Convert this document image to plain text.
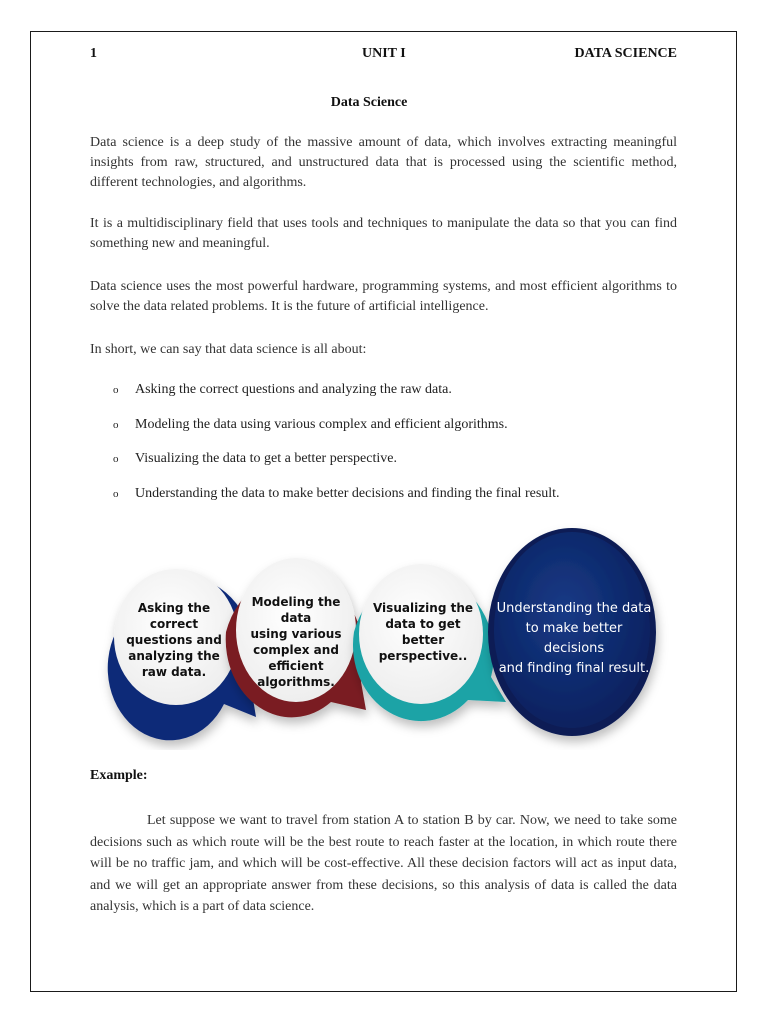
1	UNIT I	DATA SCIENCE
Data Science

Data science is a deep study of the massive amount of data, which involves extracting meaningful insights from raw, structured, and unstructured data that is processed using the scientific method, different technologies, and algorithms.

It is a multidisciplinary field that uses tools and techniques to manipulate the data so that you can find something new and meaningful.

Data science uses the most powerful hardware, programming systems, and most efficient algorithms to solve the data related problems. It is the future of artificial intelligence.

In short, we can say that data science is all about:

o Asking the correct questions and analyzing the raw data.
o Modeling the data using various complex and efficient algorithms.
o Visualizing the data to get a better perspective.
o Understanding the data to make better decisions and finding the final result.
Asking the correct
questions and
analyzing the
raw data.
Modeling the data
using various
complex and
efficient
algorithms.
Visualizing the
data to get better
perspective..
Understanding the data
to make better decisions
and finding final result.
Example:

Let suppose we want to travel from station A to station B by car. Now, we need to take some decisions such as which route will be the best route to reach faster at the location, in which route there will be no traffic jam, and which will be cost-effective. All these decision factors will act as input data, and we will get an appropriate answer from these decisions, so this analysis of data is called the data analysis, which is a part of data science.
